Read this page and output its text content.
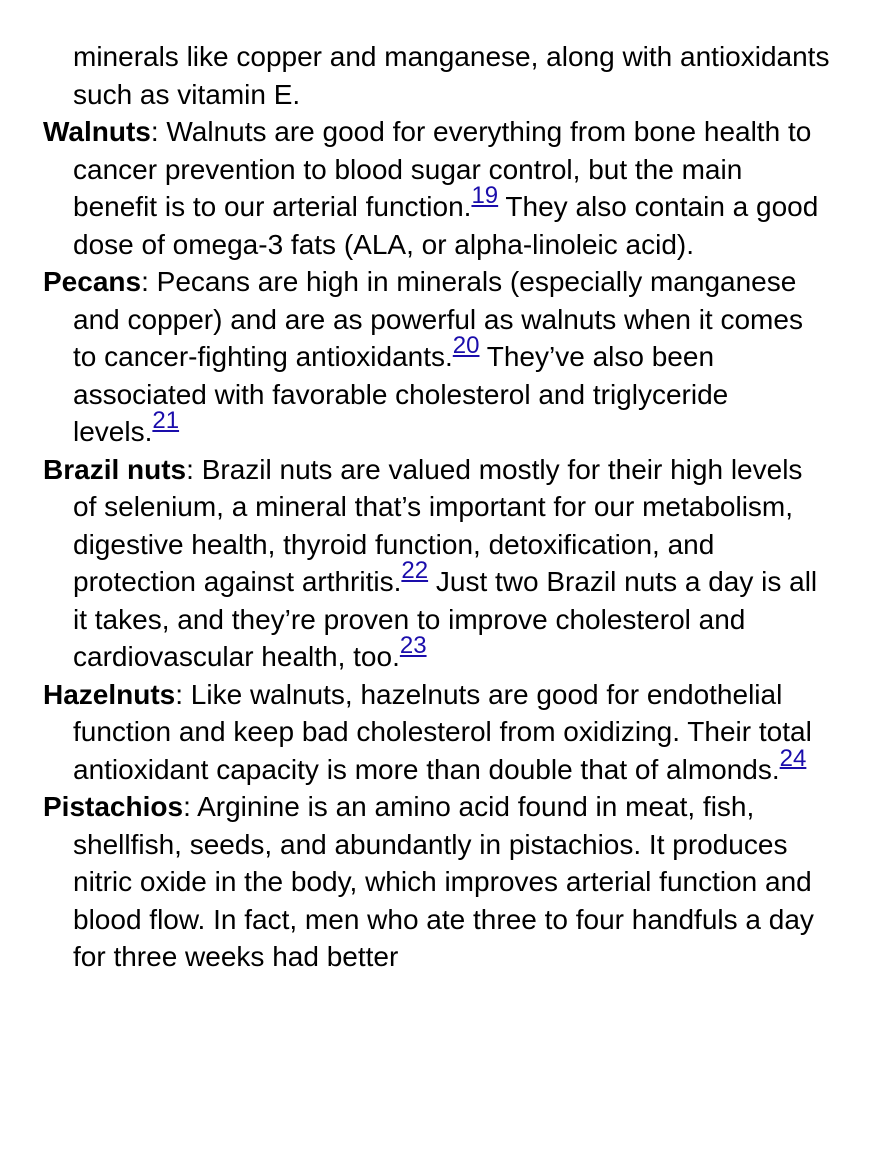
minerals like copper and manganese, along with antioxidants such as vitamin E.

Walnuts: Walnuts are good for everything from bone health to cancer prevention to blood sugar control, but the main benefit is to our arterial function.19 They also contain a good dose of omega-3 fats (ALA, or alpha-linoleic acid).

Pecans: Pecans are high in minerals (especially manganese and copper) and are as powerful as walnuts when it comes to cancer-fighting antioxidants.20 They’ve also been associated with favorable cholesterol and triglyceride levels.21

Brazil nuts: Brazil nuts are valued mostly for their high levels of selenium, a mineral that’s important for our metabolism, digestive health, thyroid function, detoxification, and protection against arthritis.22 Just two Brazil nuts a day is all it takes, and they’re proven to improve cholesterol and cardiovascular health, too.23

Hazelnuts: Like walnuts, hazelnuts are good for endothelial function and keep bad cholesterol from oxidizing. Their total antioxidant capacity is more than double that of almonds.24

Pistachios: Arginine is an amino acid found in meat, fish, shellfish, seeds, and abundantly in pistachios. It produces nitric oxide in the body, which improves arterial function and blood flow. In fact, men who ate three to four handfuls a day for three weeks had better
